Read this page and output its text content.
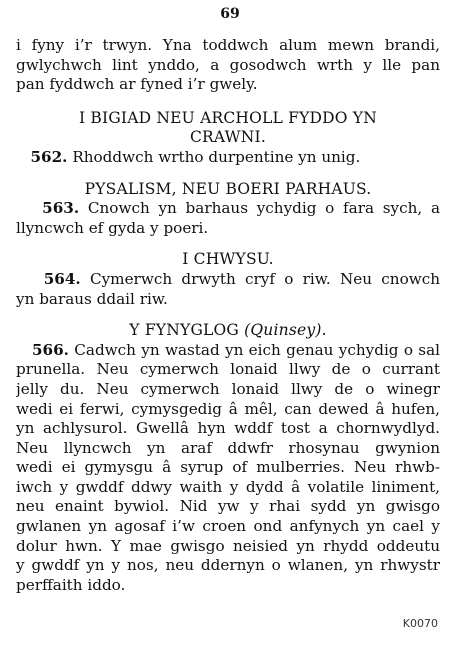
69
i fyny i’r trwyn. Yna toddwch alum mewn brandi,
gwlychwch lint ynddo, a gosodwch wrth y lle pan
pan fyddwch ar fyned i’r gwely.
I BIGIAD NEU ARCHOLL FYDDO YN
CRAWNI.
562. Rhoddwch wrtho durpentine yn unig.
PYSALISM, NEU BOERI PARHAUS.
563. Cnowch yn barhaus ychydig o fara sych, a
llyncwch ef gyda y poeri.
I CHWYSU.
564. Cymerwch drwyth cryf o riw. Neu cnowch
yn baraus ddail riw.
Y FYNYGLOG (Quinsey).
566. Cadwch yn wastad yn eich genau ychydig o sal
prunella. Neu cymerwch lonaid llwy de o currant
jelly du. Neu cymerwch lonaid llwy de o winegr
wedi ei ferwi, cymysgedig â mêl, can dewed â hufen,
yn achlysurol. Gwellâ hyn wddf tost a chornwydlyd.
Neu llyncwch yn araf ddwfr rhosynau gwynion
wedi ei gymysgu â syrup of mulberries. Neu rhwb-
iwch y gwddf ddwy waith y dydd â volatile liniment,
neu enaint bywiol. Nid yw y rhai sydd yn gwisgo
gwlanen yn agosaf i’w croen ond anfynych yn cael y
dolur hwn. Y mae gwisgo neisied yn rhydd oddeutu
y gwddf yn y nos, neu ddernyn o wlanen, yn rhwystr
perffaith iddo.
K0070
